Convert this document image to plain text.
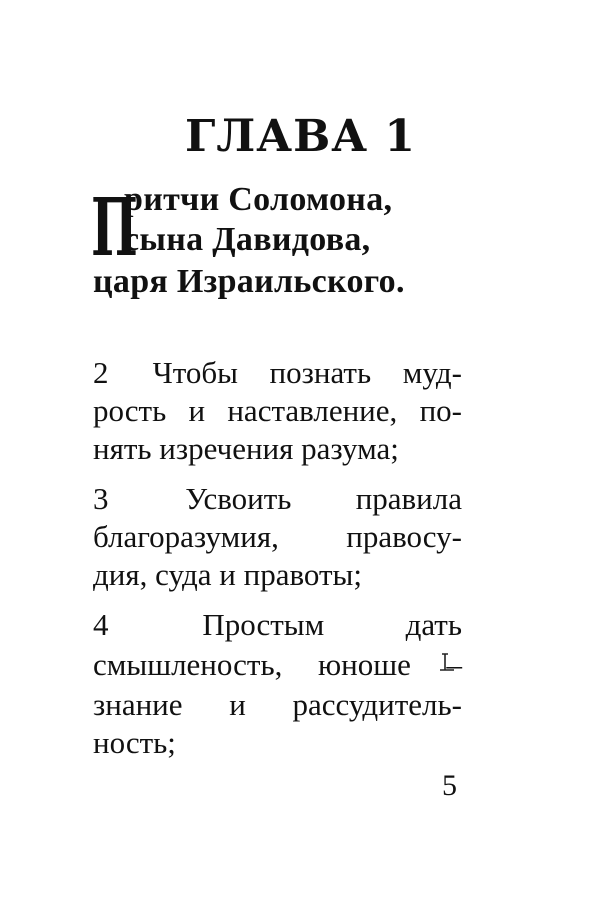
ГЛАВА 1
П
ритчи Соломона,
сына Давидова,
царя Израильского.
2	Чтобы познать муд-
рость и наставление, по-
нять изречения разума;
3	Усвоить правила
благоразумия, правосу-
дия, суда и правоты;
4	Простым	дать
смышленость, юноше –
знание и рассудитель-
ность;
5
